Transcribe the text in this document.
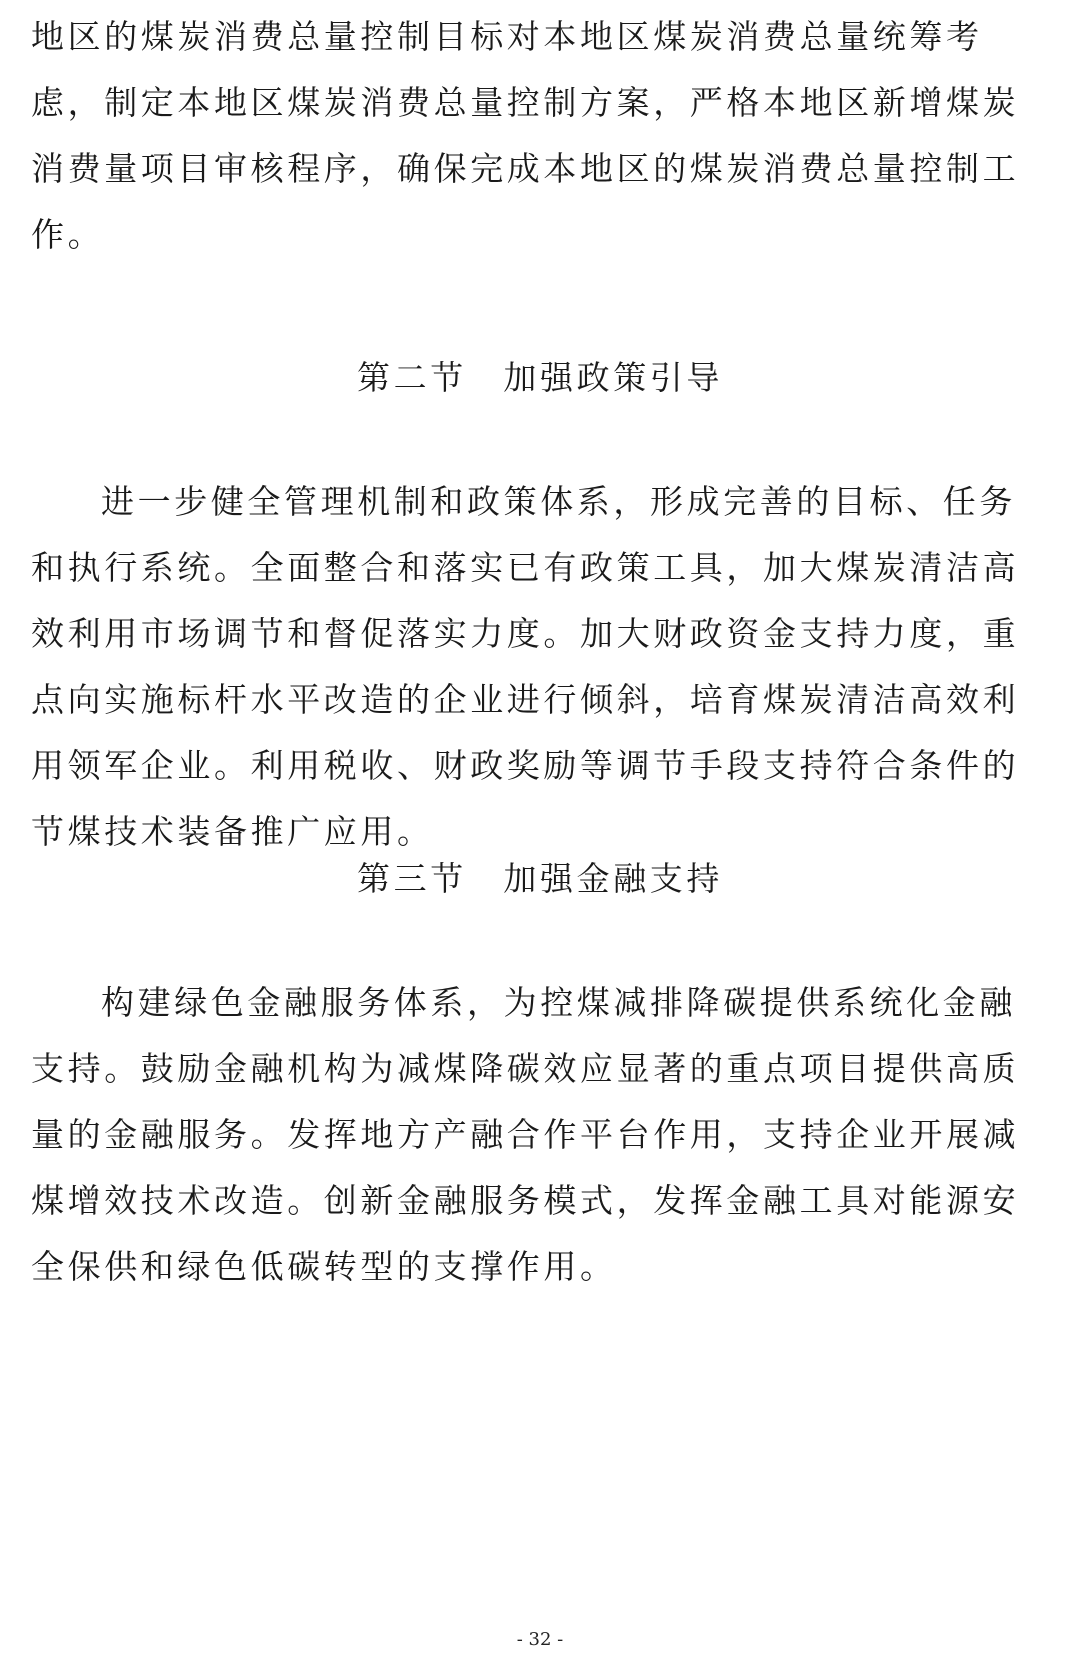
地区的煤炭消费总量控制目标对本地区煤炭消费总量统筹考虑，制定本地区煤炭消费总量控制方案，严格本地区新增煤炭消费量项目审核程序，确保完成本地区的煤炭消费总量控制工作。

第二节　加强政策引导

进一步健全管理机制和政策体系，形成完善的目标、任务和执行系统。全面整合和落实已有政策工具，加大煤炭清洁高效利用市场调节和督促落实力度。加大财政资金支持力度，重点向实施标杆水平改造的企业进行倾斜，培育煤炭清洁高效利用领军企业。利用税收、财政奖励等调节手段支持符合条件的节煤技术装备推广应用。

第三节　加强金融支持

构建绿色金融服务体系，为控煤减排降碳提供系统化金融支持。鼓励金融机构为减煤降碳效应显著的重点项目提供高质量的金融服务。发挥地方产融合作平台作用，支持企业开展减煤增效技术改造。创新金融服务模式，发挥金融工具对能源安全保供和绿色低碳转型的支撑作用。

- 32 -
